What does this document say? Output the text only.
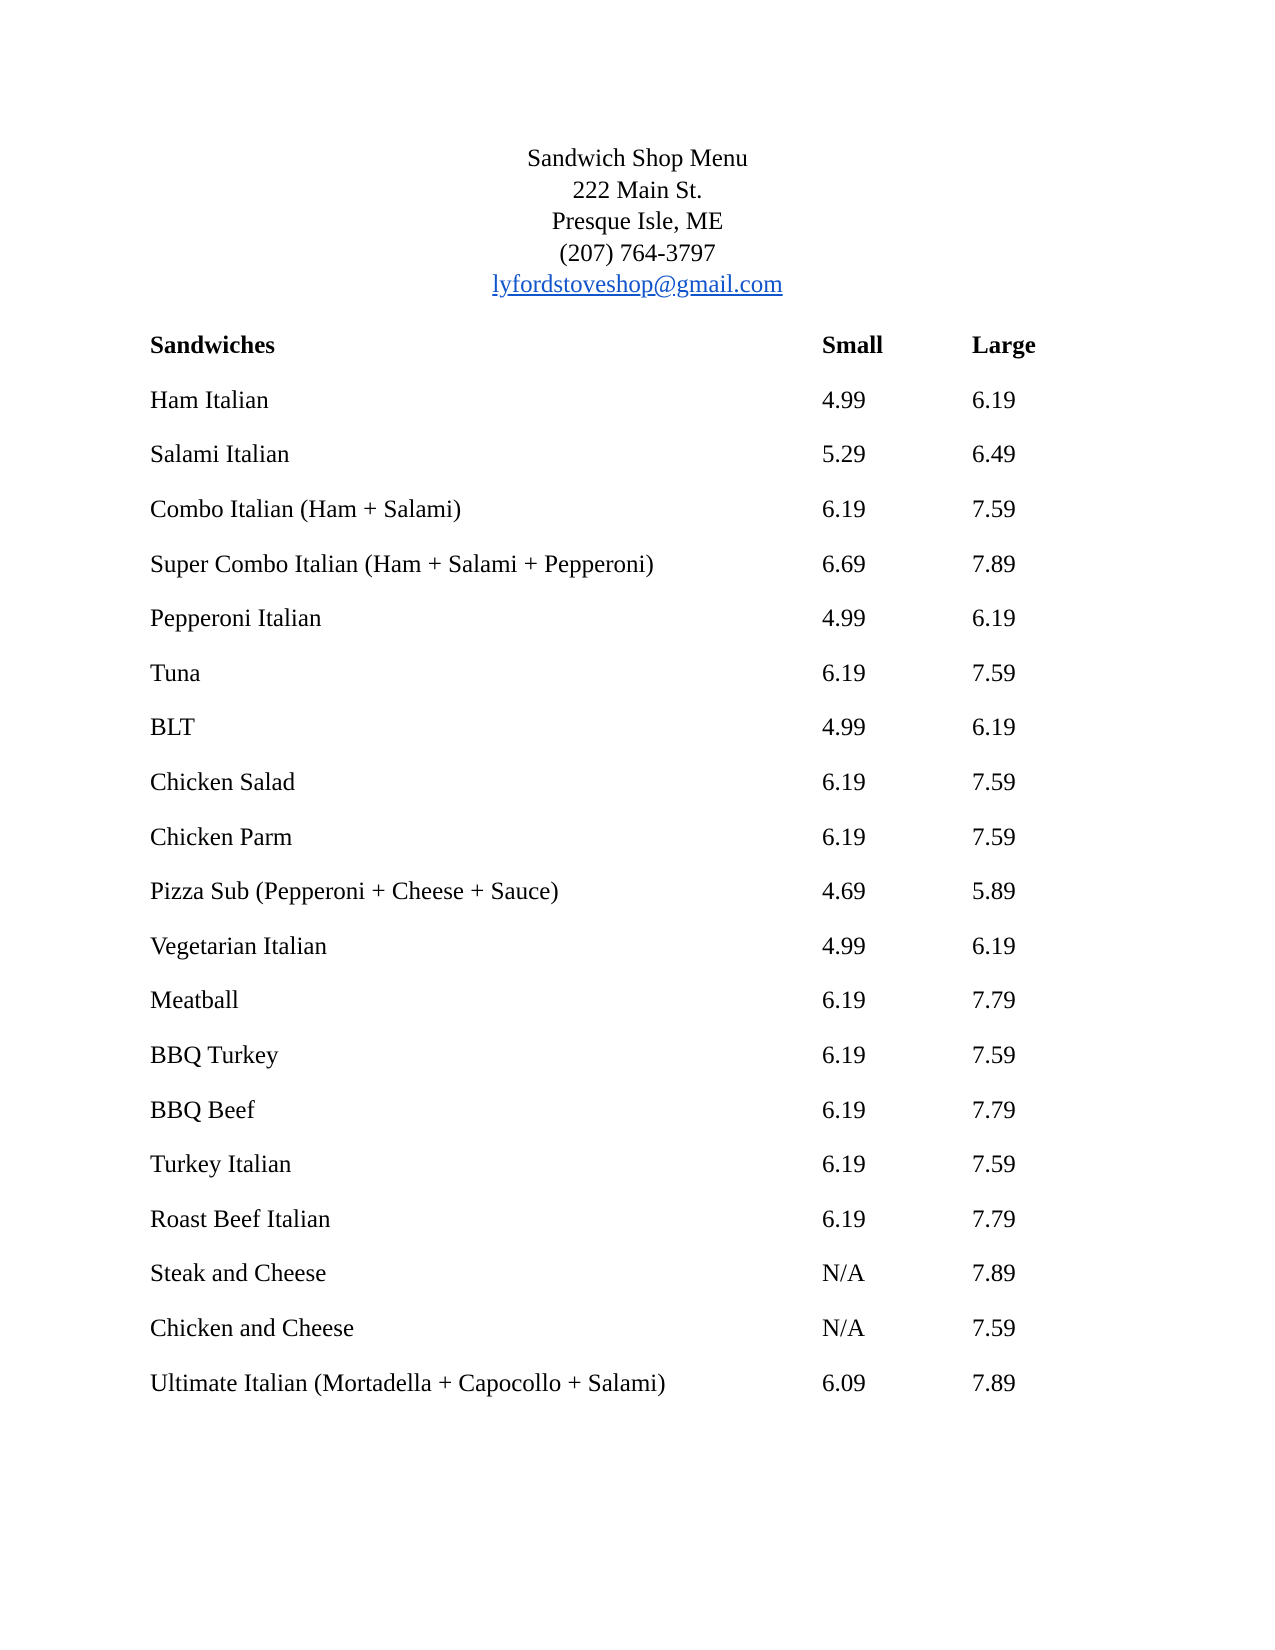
Sandwich Shop Menu
222 Main St.
Presque Isle, ME
(207) 764-3797
lyfordstoveshop@gmail.com
Sandwiches	Small	Large
Ham Italian	4.99	6.19
Salami Italian	5.29	6.49
Combo Italian (Ham + Salami)	6.19	7.59
Super Combo Italian (Ham + Salami + Pepperoni)	6.69	7.89
Pepperoni Italian	4.99	6.19
Tuna	6.19	7.59
BLT	4.99	6.19
Chicken Salad	6.19	7.59
Chicken Parm	6.19	7.59
Pizza Sub (Pepperoni + Cheese + Sauce)	4.69	5.89
Vegetarian Italian	4.99	6.19
Meatball	6.19	7.79
BBQ Turkey	6.19	7.59
BBQ Beef	6.19	7.79
Turkey Italian	6.19	7.59
Roast Beef Italian	6.19	7.79
Steak and Cheese	N/A	7.89
Chicken and Cheese	N/A	7.59
Ultimate Italian (Mortadella + Capocollo + Salami)	6.09	7.89
